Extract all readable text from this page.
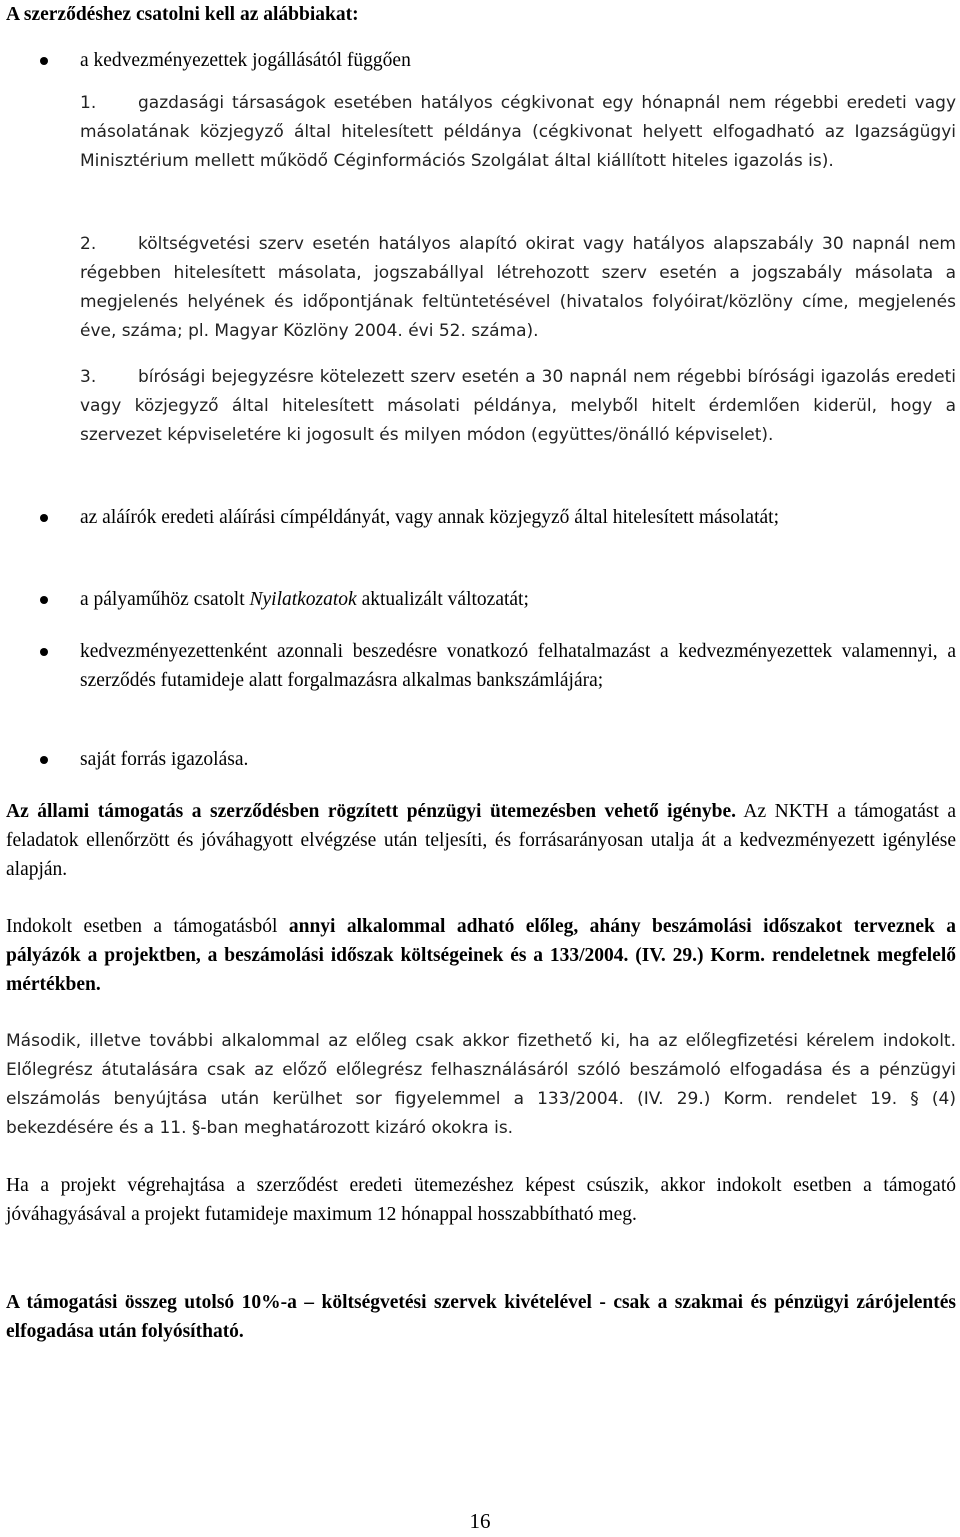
A szerződéshez csatolni kell az alábbiakat:
a kedvezményezettek jogállásától függően
1. gazdasági társaságok esetében hatályos cégkivonat egy hónapnál nem régebbi eredeti vagy másolatának közjegyző által hitelesített példánya (cégkivonat helyett elfogadható az Igazságügyi Minisztérium mellett működő Céginformációs Szolgálat által kiállított hiteles igazolás is).
2. költségvetési szerv esetén hatályos alapító okirat vagy hatályos alapszabály 30 napnál nem régebben hitelesített másolata, jogszabállyal létrehozott szerv esetén a jogszabály másolata a megjelenés helyének és időpontjának feltüntetésével (hivatalos folyóirat/közlöny címe, megjelenés éve, száma; pl. Magyar Közlöny 2004. évi 52. száma).
3. bírósági bejegyzésre kötelezett szerv esetén a 30 napnál nem régebbi bírósági igazolás eredeti vagy közjegyző által hitelesített másolati példánya, melyből hitelt érdemlően kiderül, hogy a szervezet képviseletére ki jogosult és milyen módon (együttes/önálló képviselet).
az aláírók eredeti aláírási címpéldányát, vagy annak közjegyző által hitelesített másolatát;
a pályaműhöz csatolt Nyilatkozatok aktualizált változatát;
kedvezményezettenként azonnali beszedésre vonatkozó felhatalmazást a kedvezményezettek valamennyi, a szerződés futamideje alatt forgalmazásra alkalmas bankszámlájára;
saját forrás igazolása.
Az állami támogatás a szerződésben rögzített pénzügyi ütemezésben vehető igénybe. Az NKTH a támogatást a feladatok ellenőrzött és jóváhagyott elvégzése után teljesíti, és forrásarányosan utalja át a kedvezményezett igénylése alapján.
Indokolt esetben a támogatásból annyi alkalommal adható előleg, ahány beszámolási időszakot terveznek a pályázók a projektben, a beszámolási időszak költségeinek és a 133/2004. (IV. 29.) Korm. rendeletnek megfelelő mértékben.
Második, illetve további alkalommal az előleg csak akkor fizethető ki, ha az előlegfizetési kérelem indokolt. Előlegrész átutalására csak az előző előlegrész felhasználásáról szóló beszámoló elfogadása és a pénzügyi elszámolás benyújtása után kerülhet sor figyelemmel a 133/2004. (IV. 29.) Korm. rendelet 19. § (4) bekezdésére és a 11. §-ban meghatározott kizáró okokra is.
Ha a projekt végrehajtása a szerződést eredeti ütemezéshez képest csúszik, akkor indokolt esetben a támogató jóváhagyásával a projekt futamideje maximum 12 hónappal hosszabbítható meg.
A támogatási összeg utolsó 10%-a – költségvetési szervek kivételével - csak a szakmai és pénzügyi zárójelentés elfogadása után folyósítható.
16
